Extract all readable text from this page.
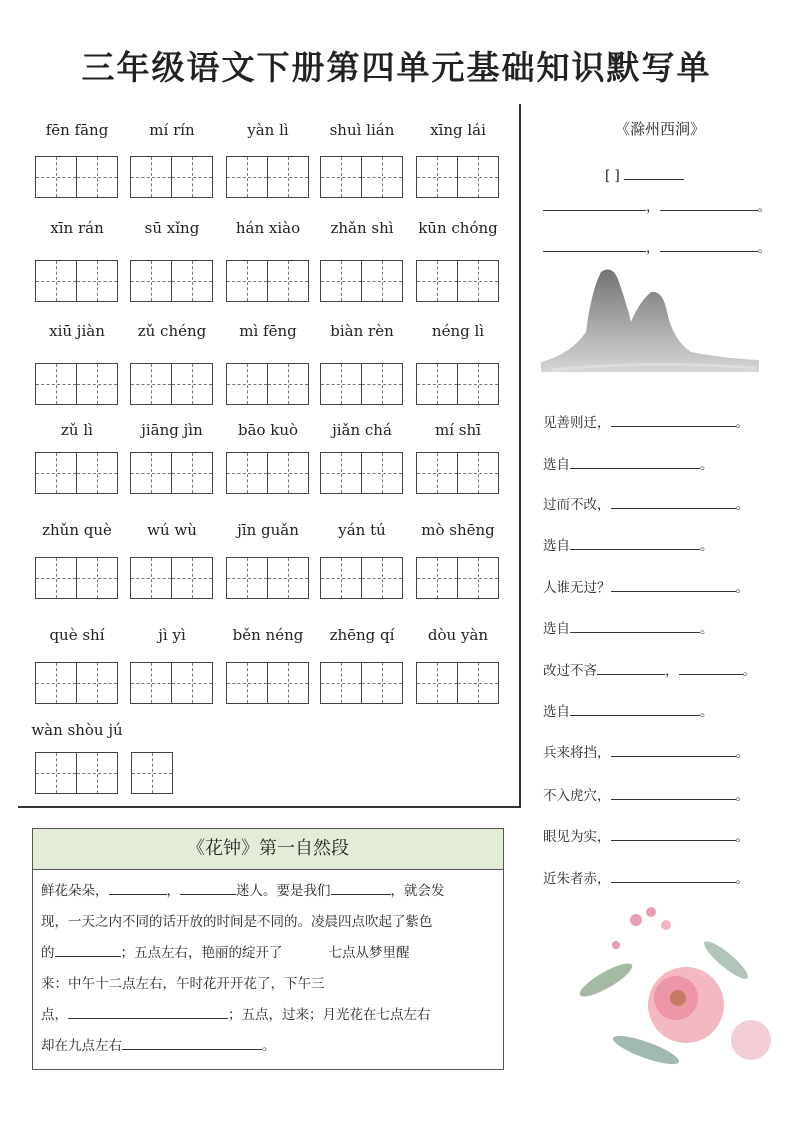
三年级语文下册第四单元基础知识默写单
fēn fāng	mí rín	yàn lì	shuì lián	xīng lái
xīn rán	sū xǐng	hán xiào	zhǎn shì	kūn chóng
xiū jiàn	zǔ chéng	mì fēng	biàn rèn	néng lì
zǔ lì	jiāng jìn	bāo kuò	jiǎn chá	mí shī
zhǔn què	wú wù	jīn guǎn	yán tú	mò shēng
què shí	jì yì	běn néng	zhēng qí	dòu yàn
wàn shòu jú
《花钟》第一自然段
鲜花朵朵，	，	迷人。要是我们	，就会发
现，一天之内不同的话开放的时间是不同的。凌晨四点吹起了紫色
的	；五点左右，艳丽的绽开了	七点从梦里醒
来：中午十二点左右，午时花开开花了，下午三
点，	；五点，过来；月光花在七点左右
却在九点左右	。
《滁州西涧》
[ ]
，	。
，	。
见善则迁，	。
选自	。
过而不改，	。
选自	。
人谁无过？	。
选自	。
改过不吝	，	。
选自	。
兵来将挡，	。
不入虎穴，	。
眼见为实，	。
近朱者赤，	。
